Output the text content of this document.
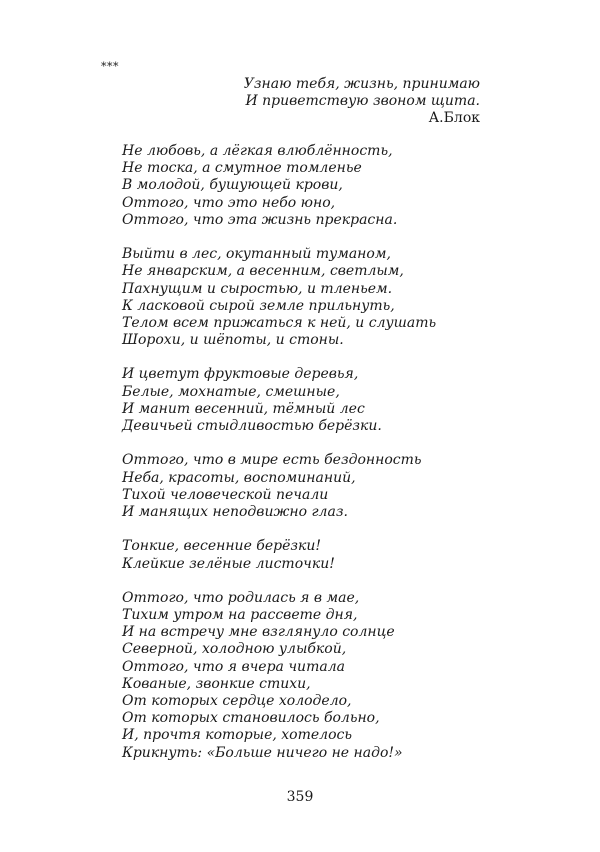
***
Узнаю тебя, жизнь, принимаю
И приветствую звоном щита.
А.Блок
Не любовь, а лёгкая влюблённость,
Не тоска, а смутное томленье
В молодой, бушующей крови,
Оттого, что это небо юно,
Оттого, что эта жизнь прекрасна.
Выйти в лес, окутанный туманом,
Не январским, а весенним, светлым,
Пахнущим и сыростью, и тленьем.
К ласковой сырой земле прильнуть,
Телом всем прижаться к ней, и слушать
Шорохи, и шёпоты, и стоны.
И цветут фруктовые деревья,
Белые, мохнатые, смешные,
И манит весенний, тёмный лес
Девичьей стыдливостью берёзки.
Оттого, что в мире есть бездонность
Неба, красоты, воспоминаний,
Тихой человеческой печали
И манящих неподвижно глаз.
Тонкие, весенние берёзки!
Клейкие зелёные листочки!
Оттого, что родилась я в мае,
Тихим утром на рассвете дня,
И на встречу мне взглянуло солнце
Северной, холодною улыбкой,
Оттого, что я вчера читала
Кованые, звонкие стихи,
От которых сердце холодело,
От которых становилось больно,
И, прочтя которые, хотелось
Крикнуть: «Больше ничего не надо!»
359
